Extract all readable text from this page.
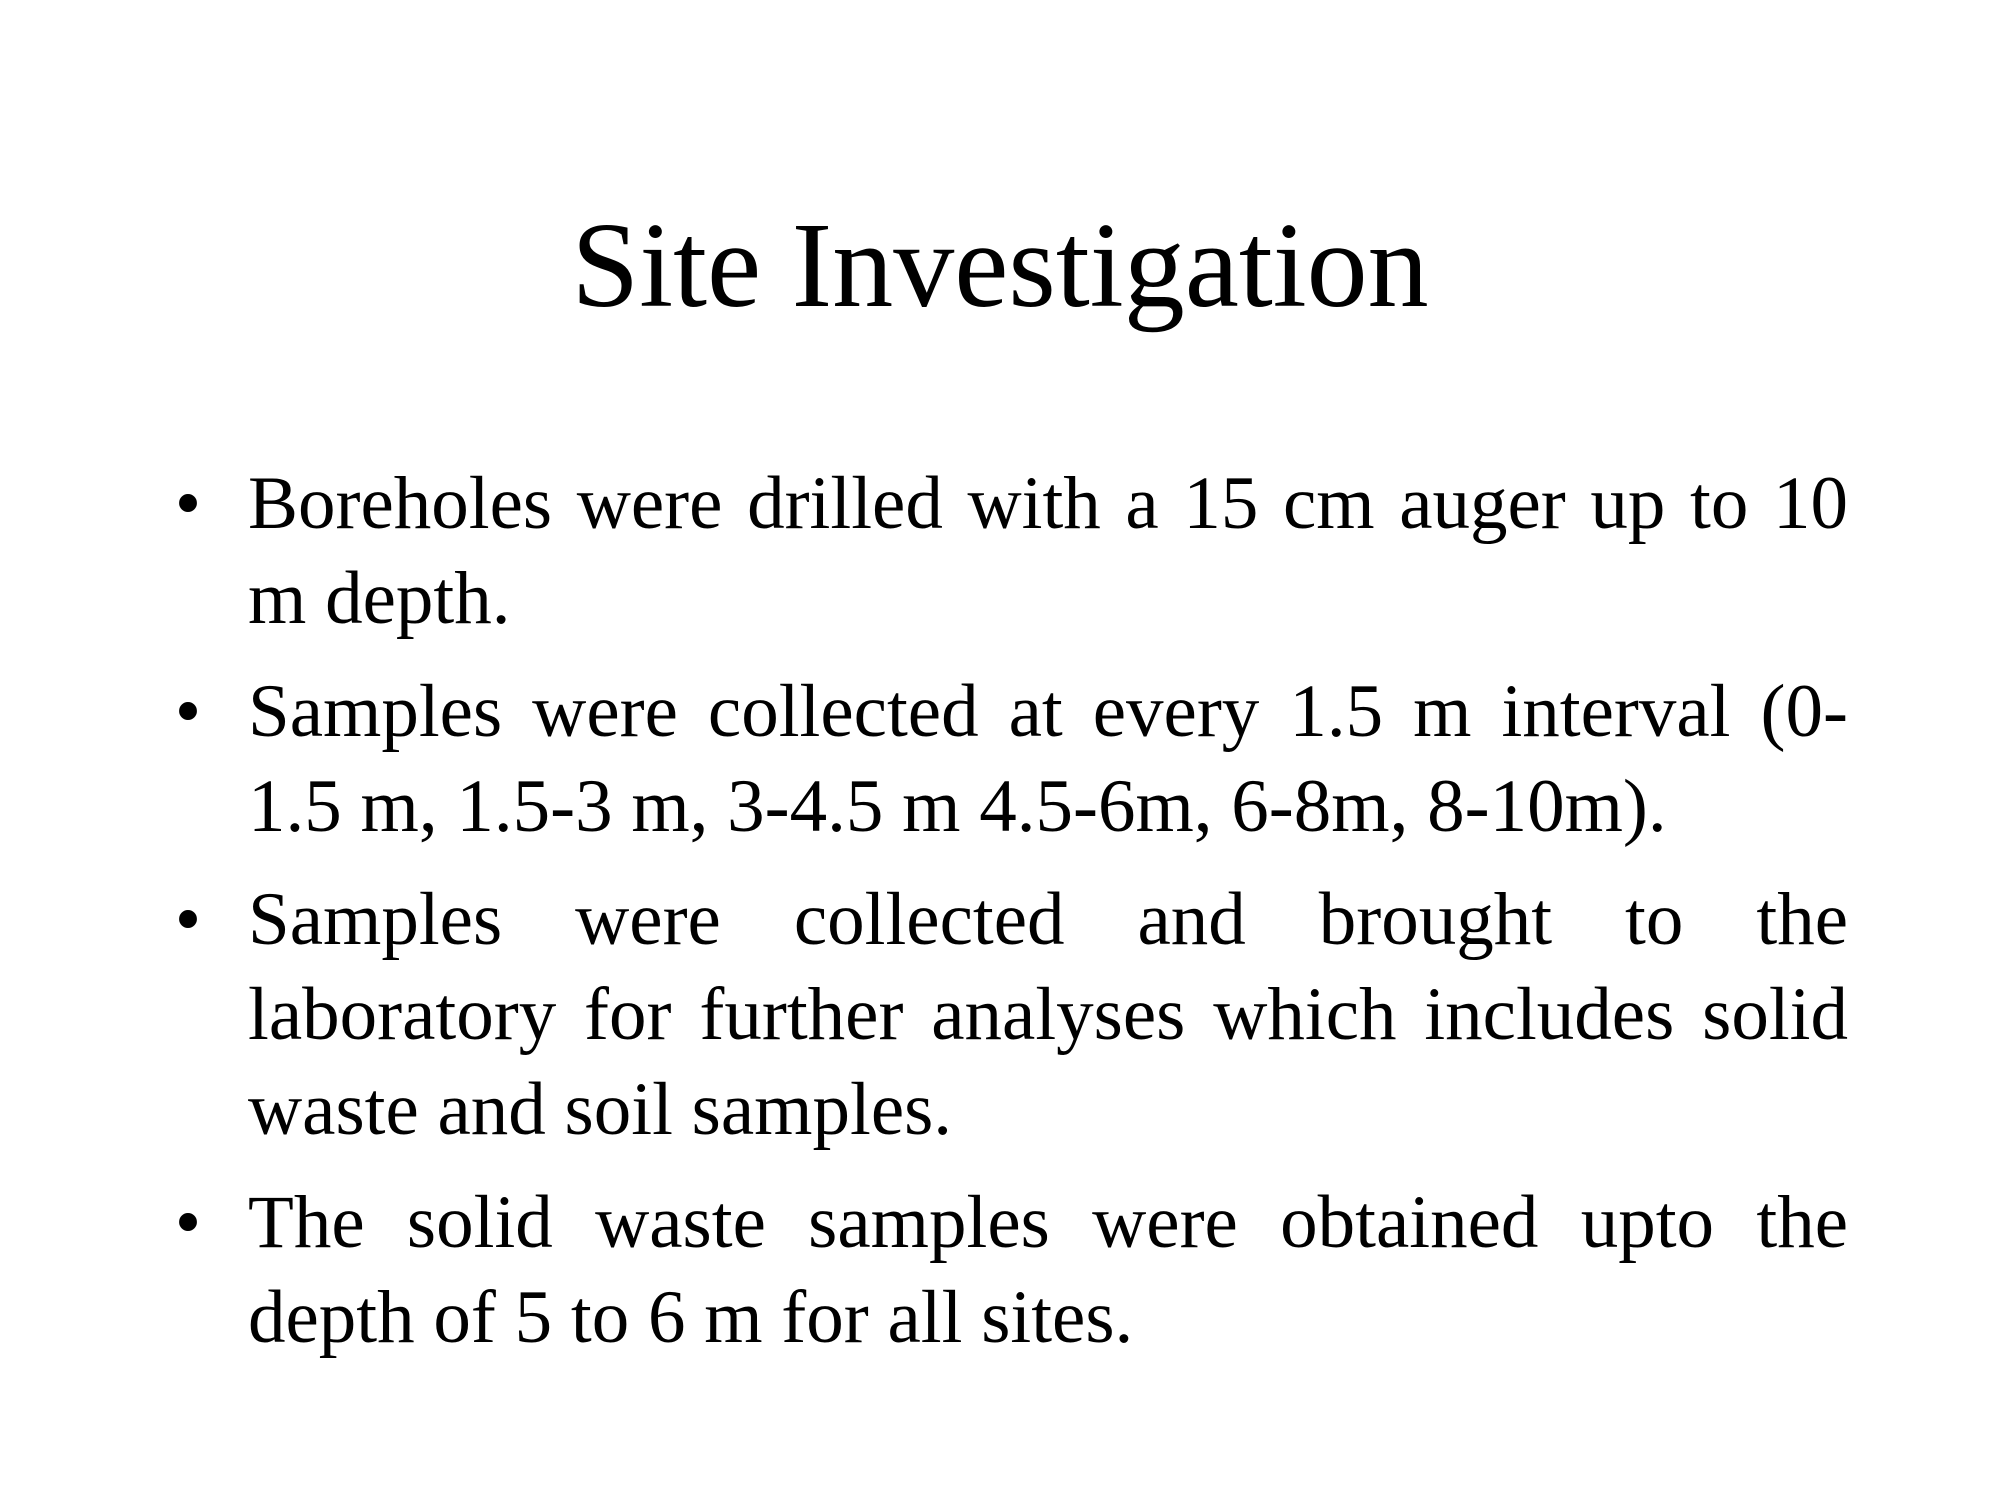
Site Investigation
• Boreholes were drilled with a 15 cm auger up to 10 m depth.
• Samples were collected at every 1.5 m interval (0-1.5 m, 1.5-3 m, 3-4.5 m 4.5-6m, 6-8m, 8-10m).
• Samples were collected and brought to the laboratory for further analyses which includes solid waste and soil samples.
• The solid waste samples were obtained upto the depth of 5 to 6 m for all sites.
